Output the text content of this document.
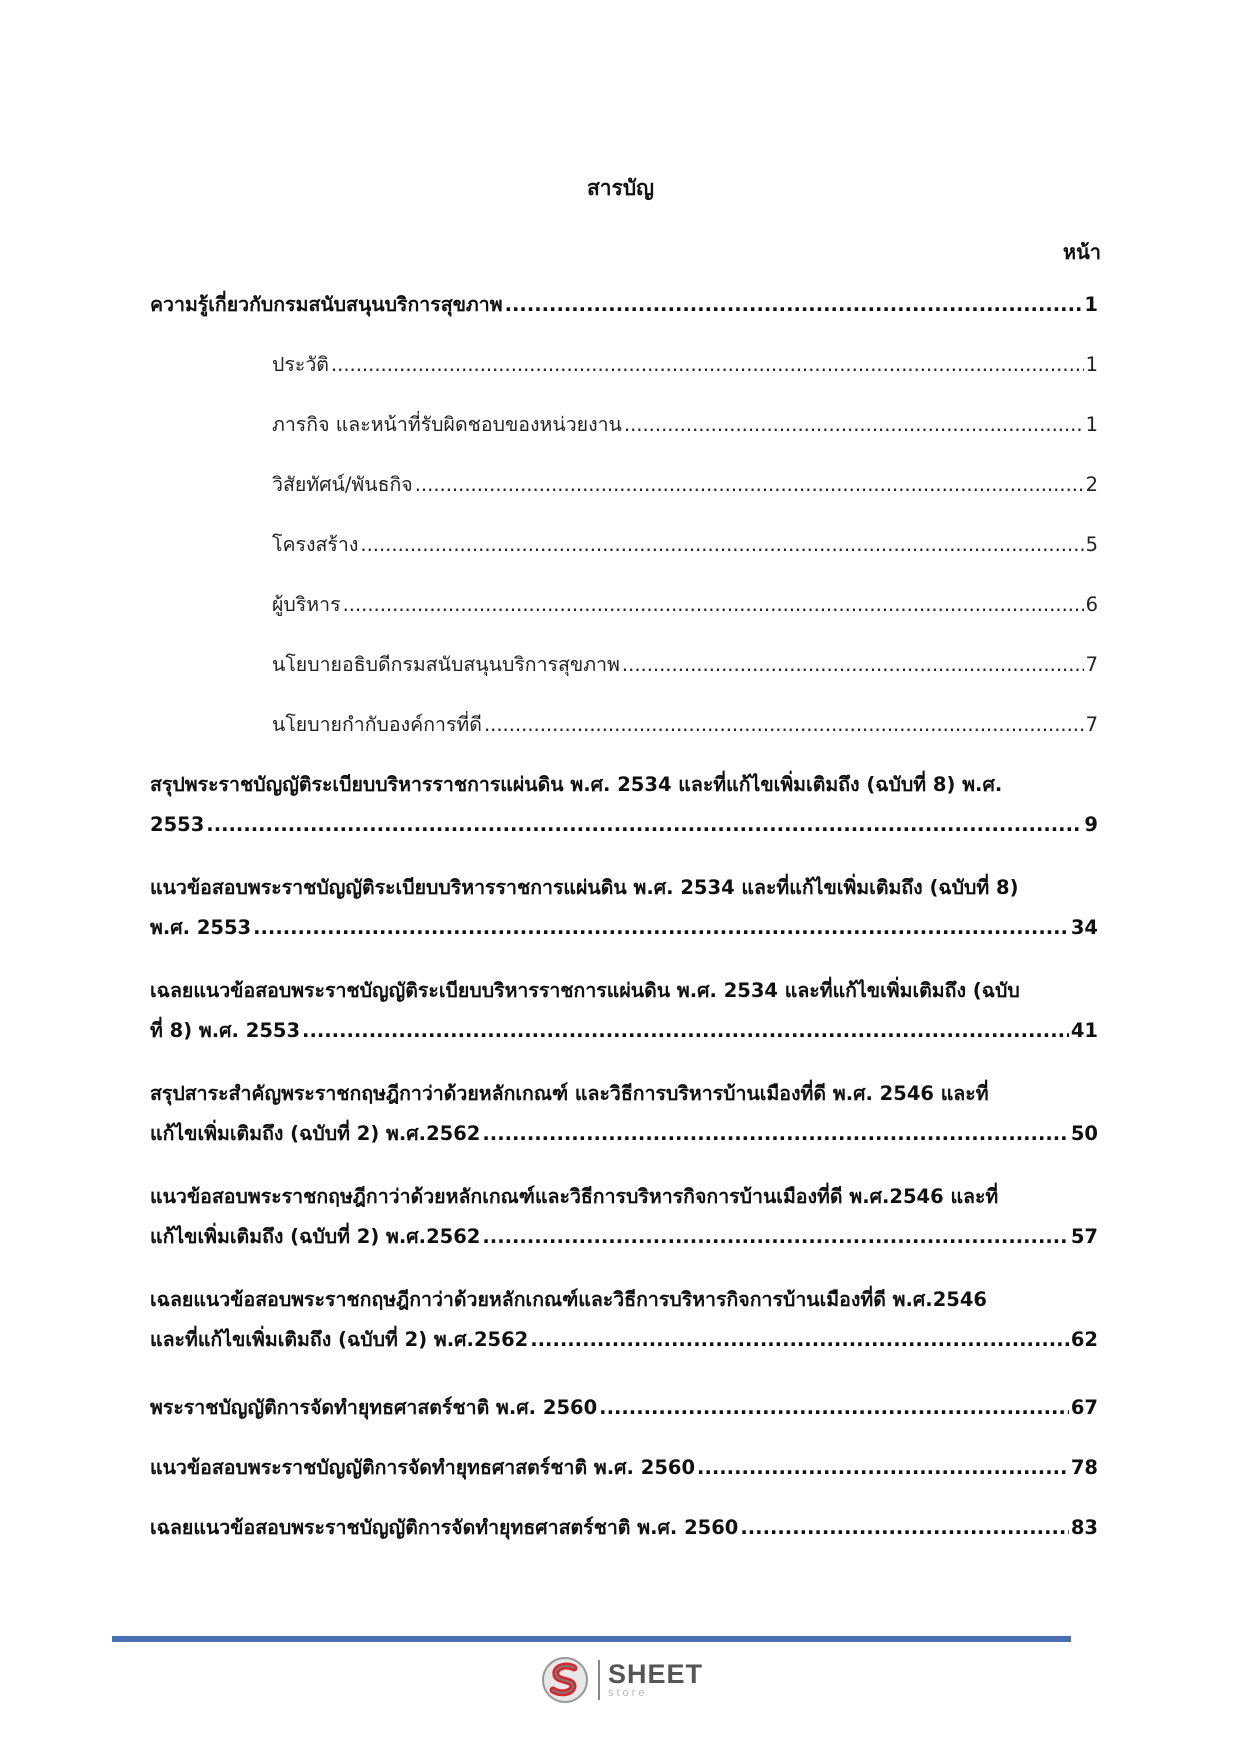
สารบัญ
หน้า
ความรู้เกี่ยวกับกรมสนับสนุนบริการสุขภาพ .....	1
ประวัติ .....	1
ภารกิจ และหน้าที่รับผิดชอบของหน่วยงาน .....	1
วิสัยทัศน์/พันธกิจ .....	2
โครงสร้าง .....	5
ผู้บริหาร .....	6
นโยบายอธิบดีกรมสนับสนุนบริการสุขภาพ .....	7
นโยบายกำกับองค์การที่ดี .....	7
สรุปพระราชบัญญัติระเบียบบริหารราชการแผ่นดิน พ.ศ. 2534 และที่แก้ไขเพิ่มเติมถึง (ฉบับที่ 8) พ.ศ.
2553 .....	9
แนวข้อสอบพระราชบัญญัติระเบียบบริหารราชการแผ่นดิน พ.ศ. 2534 และที่แก้ไขเพิ่มเติมถึง (ฉบับที่ 8)
พ.ศ. 2553 .....	34
เฉลยแนวข้อสอบพระราชบัญญัติระเบียบบริหารราชการแผ่นดิน พ.ศ. 2534 และที่แก้ไขเพิ่มเติมถึง (ฉบับ
ที่ 8) พ.ศ. 2553 .....	41
สรุปสาระสำคัญพระราชกฤษฎีกาว่าด้วยหลักเกณฑ์ และวิธีการบริหารบ้านเมืองที่ดี พ.ศ. 2546 และที่
แก้ไขเพิ่มเติมถึง (ฉบับที่ 2) พ.ศ.2562 .....	50
แนวข้อสอบพระราชกฤษฎีกาว่าด้วยหลักเกณฑ์และวิธีการบริหารกิจการบ้านเมืองที่ดี พ.ศ.2546 และที่
แก้ไขเพิ่มเติมถึง (ฉบับที่ 2) พ.ศ.2562 .....	57
เฉลยแนวข้อสอบพระราชกฤษฎีกาว่าด้วยหลักเกณฑ์และวิธีการบริหารกิจการบ้านเมืองที่ดี พ.ศ.2546
และที่แก้ไขเพิ่มเติมถึง (ฉบับที่ 2) พ.ศ.2562 .....	62
พระราชบัญญัติการจัดทำยุทธศาสตร์ชาติ พ.ศ. 2560 .....	67
แนวข้อสอบพระราชบัญญัติการจัดทำยุทธศาสตร์ชาติ พ.ศ. 2560 .....	78
เฉลยแนวข้อสอบพระราชบัญญัติการจัดทำยุทธศาสตร์ชาติ พ.ศ. 2560 .....	83
SHEET
store
